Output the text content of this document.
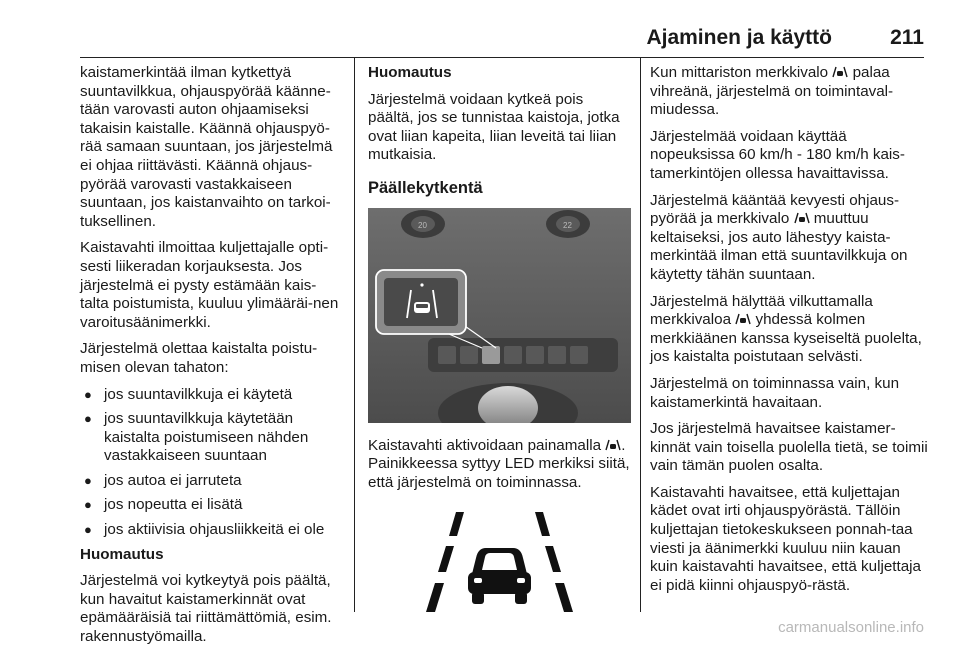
Ajaminen ja käyttö	211

kaistamerkintää ilman kytkettyä suuntavilkkua, ohjauspyörää käänne-tään varovasti auton ohjaamiseksi takaisin kaistalle. Käännä ohjauspyö-rää samaan suuntaan, jos järjestelmä ei ohjaa riittävästi. Käännä ohjaus-pyörää varovasti vastakkaiseen suuntaan, jos kaistanvaihto on tarkoi-tuksellinen.

Kaistavahti ilmoittaa kuljettajalle opti-sesti liikeradan korjauksesta. Jos järjestelmä ei pysty estämään kais-talta poistumista, kuuluu ylimääräi-nen varoitusäänimerkki.

Järjestelmä olettaa kaistalta poistu-misen olevan tahaton:

● jos suuntavilkkuja ei käytetä
● jos suuntavilkkuja käytetään kaistalta poistumiseen nähden vastakkaiseen suuntaan
● jos autoa ei jarruteta
● jos nopeutta ei lisätä
● jos aktiivisia ohjausliikkeitä ei ole

Huomautus

Järjestelmä voi kytkeytyä pois päältä, kun havaitut kaistamerkinnät ovat epämääräisiä tai riittämättömiä, esim. rakennustyömailla.

Huomautus

Järjestelmä voidaan kytkeä pois päältä, jos se tunnistaa kaistoja, jotka ovat liian kapeita, liian leveitä tai liian mutkaisia.

Päällekytkentä
20	22

Kaistavahti aktivoidaan painamalla . Painikkeessa syttyy LED merkiksi siitä, että järjestelmä on toiminnassa.

Kun mittariston merkkivalo palaa vihreänä, järjestelmä on toimintaval-miudessa.

Järjestelmää voidaan käyttää nopeuksissa 60 km/h - 180 km/h kais-tamerkintöjen ollessa havaittavissa.

Järjestelmä kääntää kevyesti ohjaus-pyörää ja merkkivalo muuttuu keltaiseksi, jos auto lähestyy kaista-merkintää ilman että suuntavilkkuja on käytetty tähän suuntaan.

Järjestelmä hälyttää vilkuttamalla merkkivaloa yhdessä kolmen merkkiäänen kanssa kyseiseltä puolelta, jos kaistalta poistutaan selvästi.

Järjestelmä on toiminnassa vain, kun kaistamerkintä havaitaan.

Jos järjestelmä havaitsee kaistamer-kinnät vain toisella puolella tietä, se toimii vain tämän puolen osalta.

Kaistavahti havaitsee, että kuljettajan kädet ovat irti ohjauspyörästä. Tällöin kuljettajan tietokeskukseen ponnah-taa viesti ja äänimerkki kuuluu niin kauan kuin kaistavahti havaitsee, että kuljettaja ei pidä kiinni ohjauspyö-rästä.

carmanualsonline.info
